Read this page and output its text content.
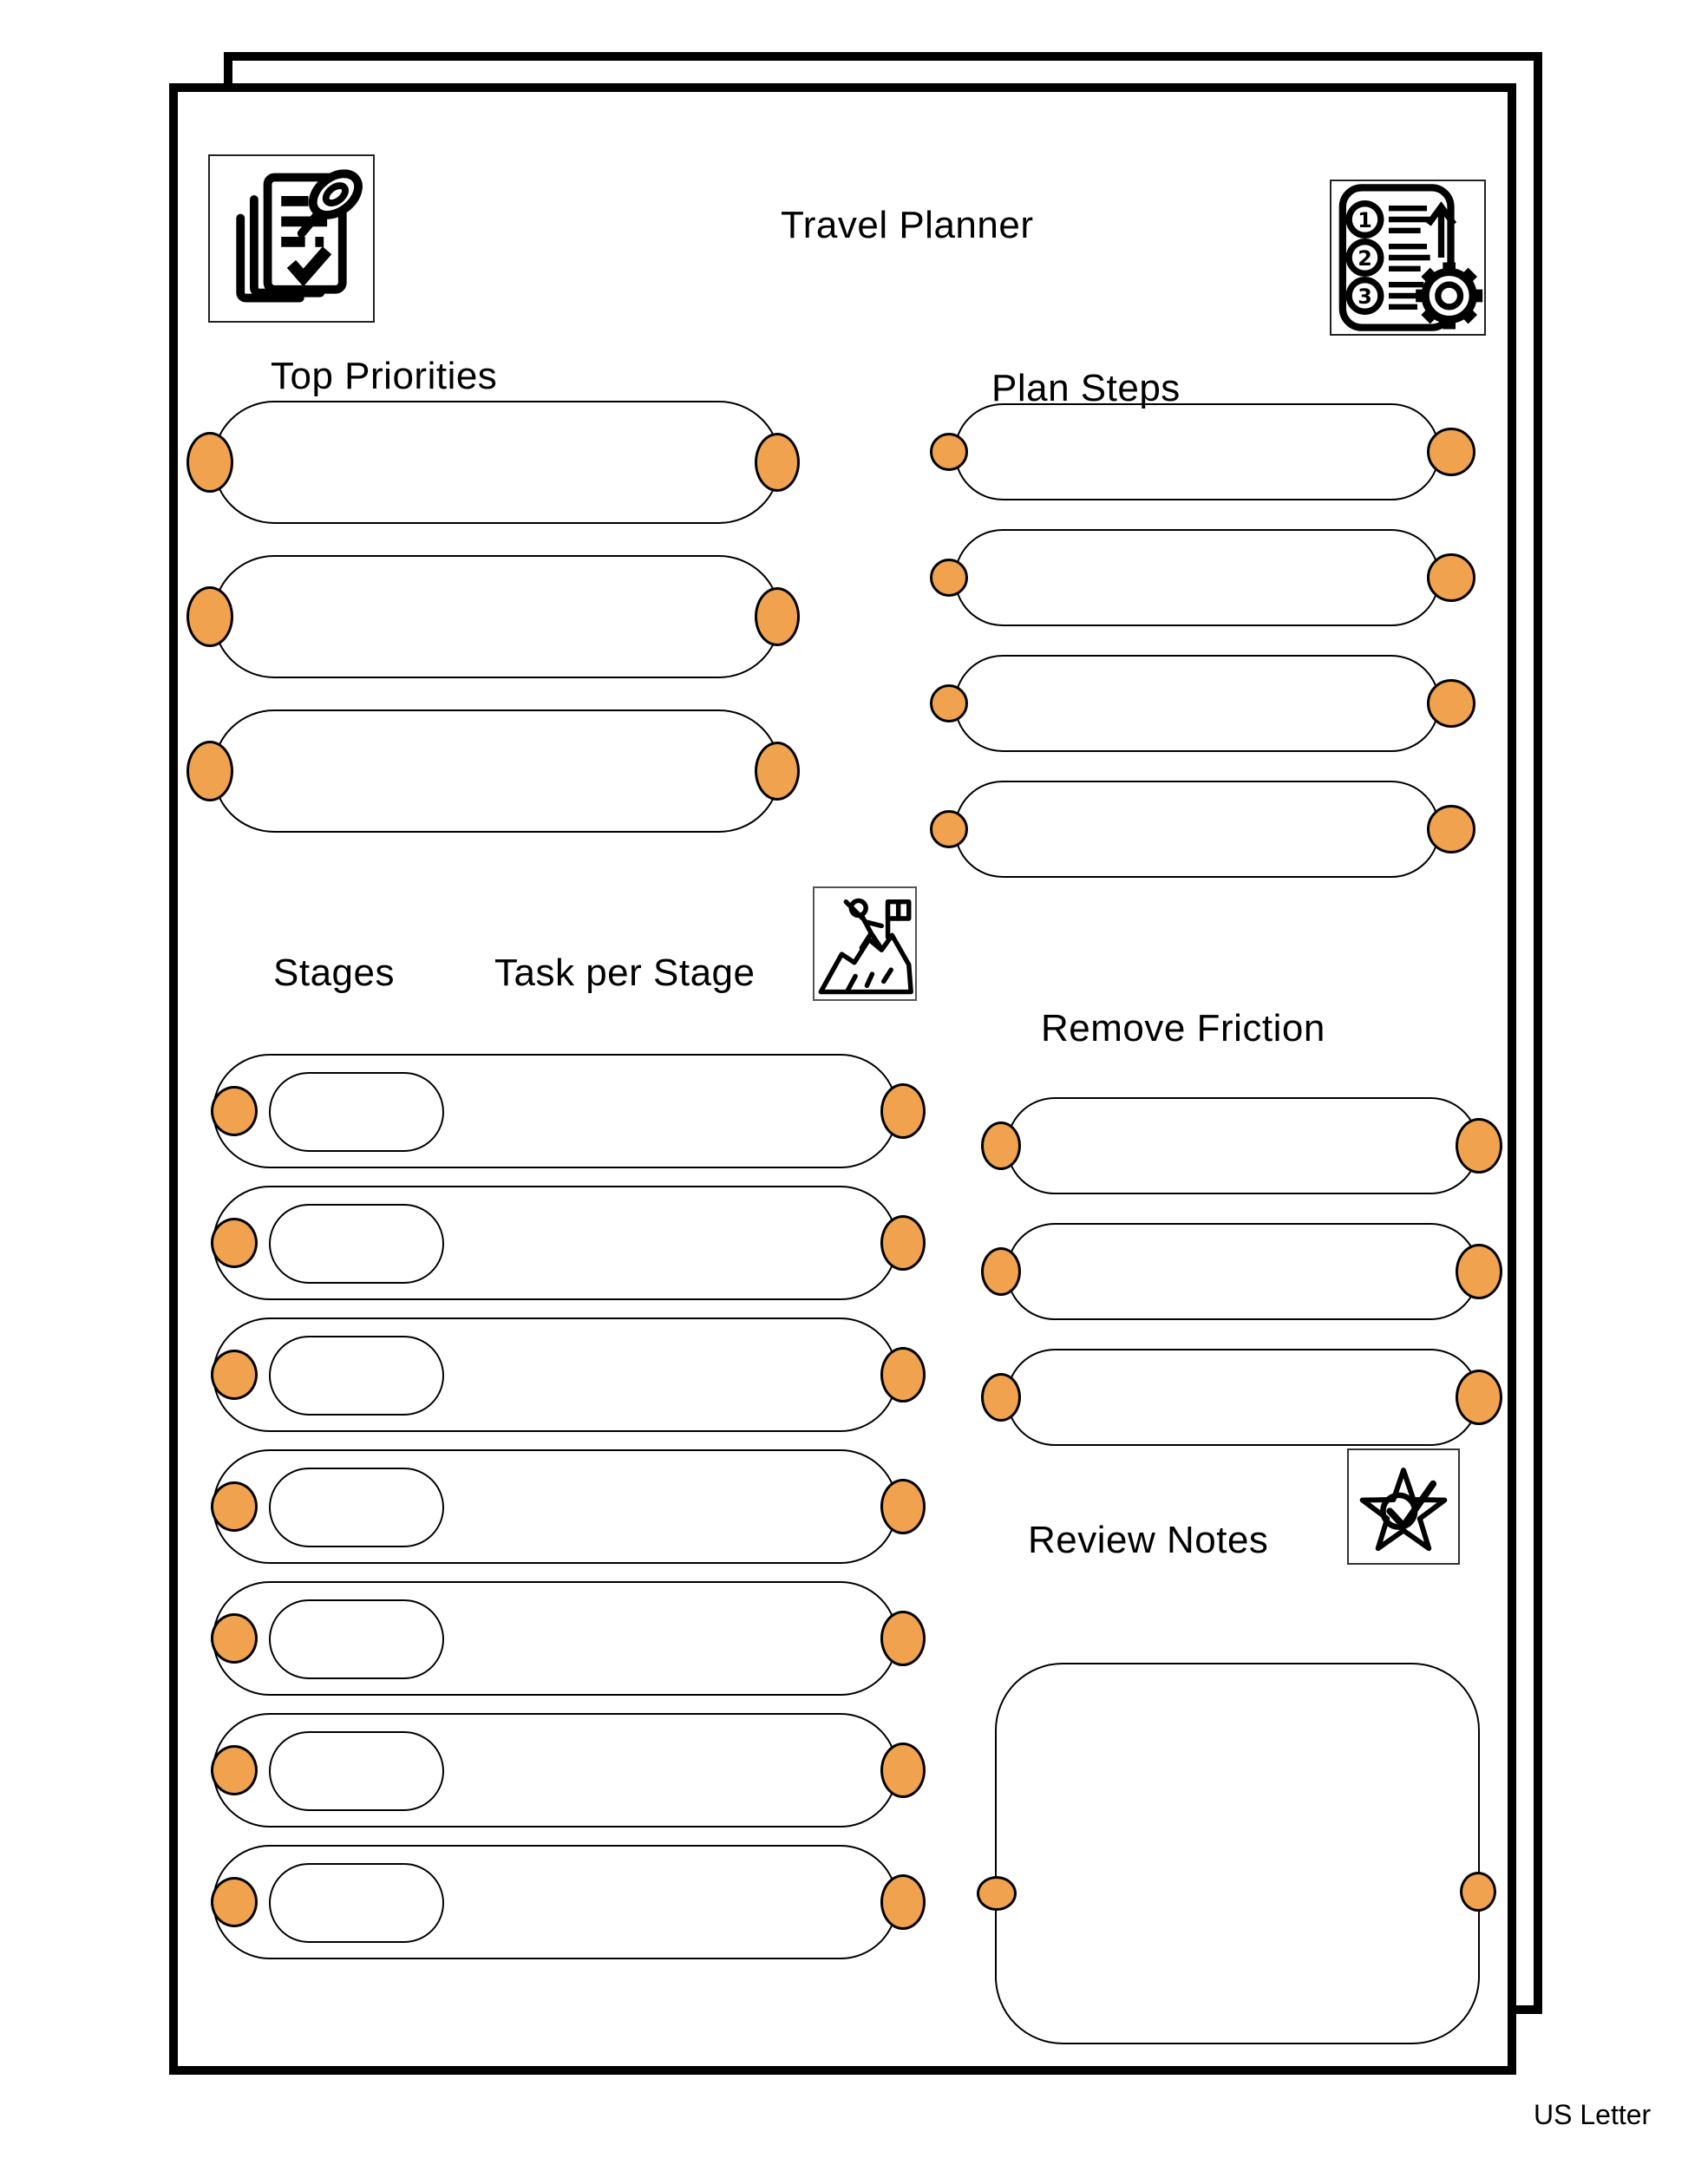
Travel Planner	1
2
3
Top Priorities	Plan Steps
Stages	Task per Stage
Remove Friction
Review Notes
US Letter
